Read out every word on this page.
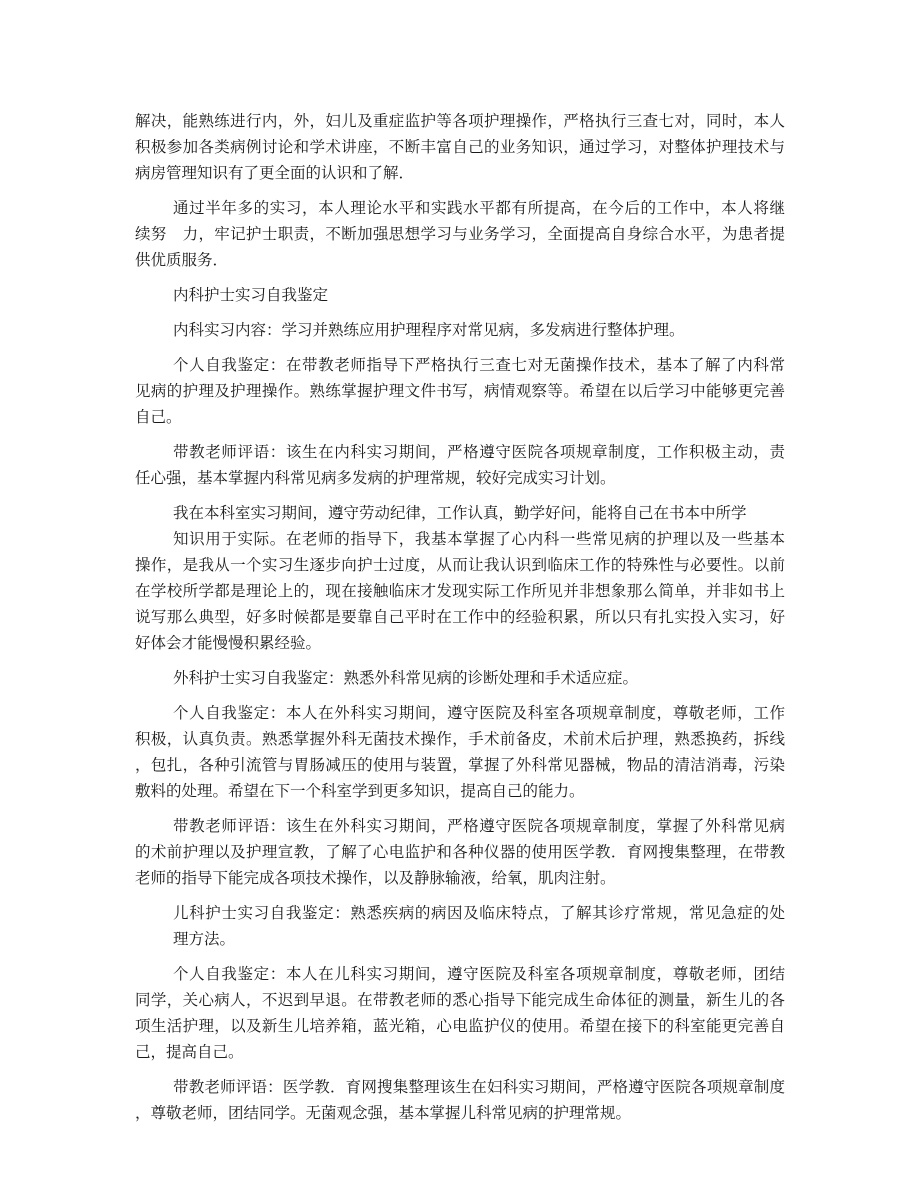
解决，能熟练进行内，外，妇儿及重症监护等各项护理操作，严格执行三查七对，同时，本人
积极参加各类病例讨论和学术讲座，不断丰富自己的业务知识，通过学习，对整体护理技术与
病房管理知识有了更全面的认识和了解．
通过半年多的实习，本人理论水平和实践水平都有所提高，在今后的工作中，本人将继
续努　力，牢记护士职责，不断加强思想学习与业务学习，全面提高自身综合水平，为患者提
供优质服务．
内科护士实习自我鉴定
内科实习内容：学习并熟练应用护理程序对常见病，多发病进行整体护理。
个人自我鉴定：在带教老师指导下严格执行三查七对无菌操作技术，基本了解了内科常
见病的护理及护理操作。熟练掌握护理文件书写，病情观察等。希望在以后学习中能够更完善
自己。
带教老师评语：该生在内科实习期间，严格遵守医院各项规章制度，工作积极主动，责
任心强，基本掌握内科常见病多发病的护理常规，较好完成实习计划。
我在本科室实习期间，遵守劳动纪律，工作认真，勤学好问，能将自己在书本中所学
知识用于实际。在老师的指导下，我基本掌握了心内科一些常见病的护理以及一些基本
操作，是我从一个实习生逐步向护士过度，从而让我认识到临床工作的特殊性与必要性。以前
在学校所学都是理论上的，现在接触临床才发现实际工作所见并非想象那么简单，并非如书上
说写那么典型，好多时候都是要靠自己平时在工作中的经验积累，所以只有扎实投入实习，好
好体会才能慢慢积累经验。
外科护士实习自我鉴定：熟悉外科常见病的诊断处理和手术适应症。
个人自我鉴定：本人在外科实习期间，遵守医院及科室各项规章制度，尊敬老师，工作
积极，认真负责。熟悉掌握外科无菌技术操作，手术前备皮，术前术后护理，熟悉换药，拆线
，包扎，各种引流管与胃肠减压的使用与装置，掌握了外科常见器械，物品的清洁消毒，污染
敷料的处理。希望在下一个科室学到更多知识，提高自己的能力。
带教老师评语：该生在外科实习期间，严格遵守医院各项规章制度，掌握了外科常见病
的术前护理以及护理宣教，了解了心电监护和各种仪器的使用医学教．育网搜集整理，在带教
老师的指导下能完成各项技术操作，以及静脉输液，给氧，肌肉注射。
儿科护士实习自我鉴定：熟悉疾病的病因及临床特点，了解其诊疗常规，常见急症的处
理方法。
个人自我鉴定：本人在儿科实习期间，遵守医院及科室各项规章制度，尊敬老师，团结
同学，关心病人，不迟到早退。在带教老师的悉心指导下能完成生命体征的测量，新生儿的各
项生活护理，以及新生儿培养箱，蓝光箱，心电监护仪的使用。希望在接下的科室能更完善自
己，提高自己。
带教老师评语：医学教．育网搜集整理该生在妇科实习期间，严格遵守医院各项规章制度
，尊敬老师，团结同学。无菌观念强，基本掌握儿科常见病的护理常规。
